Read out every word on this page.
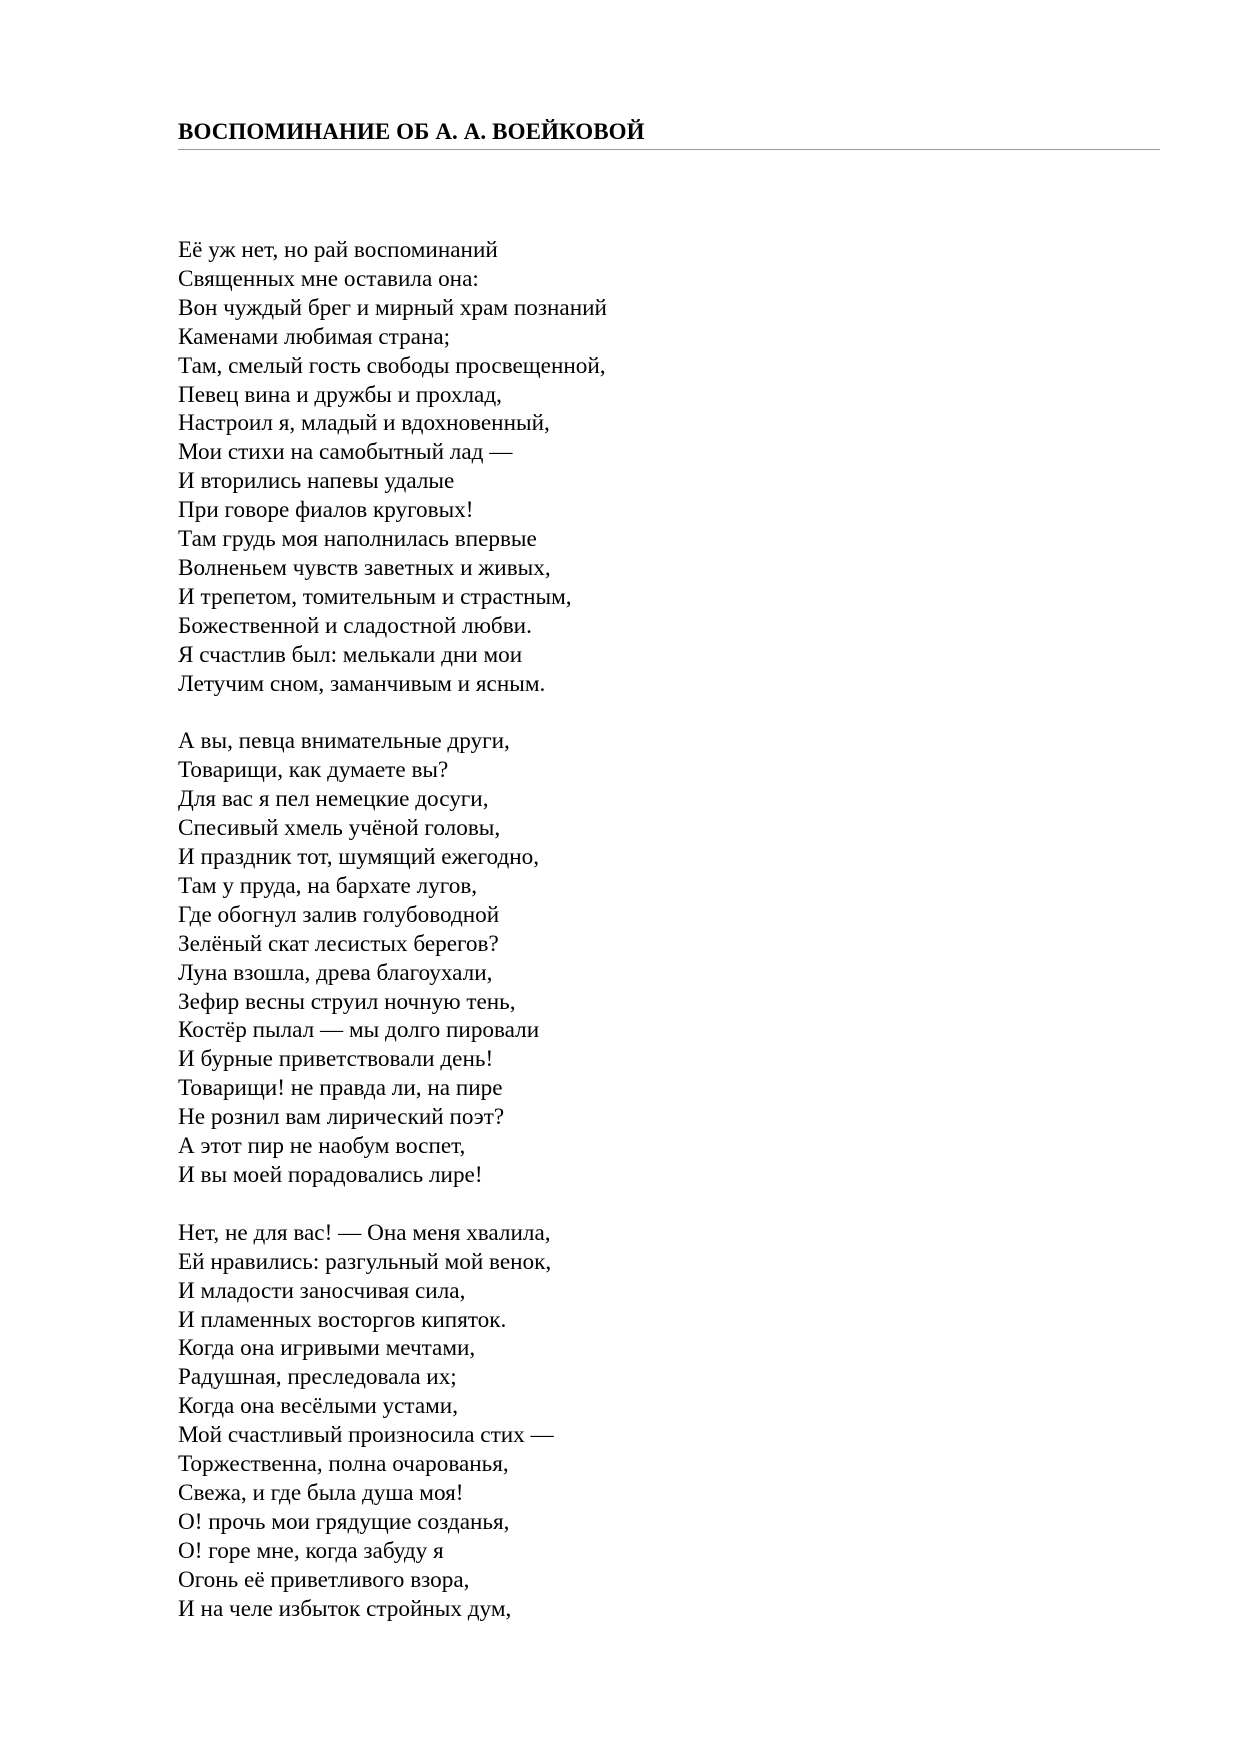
ВОСПОМИНАНИЕ ОБ А. А. ВОЕЙКОВОЙ

Её уж нет, но рай воспоминаний

Священных мне оставила она:

Вон чуждый брег и мирный храм познаний

Каменами любимая страна;

Там, смелый гость свободы просвещенной,

Певец вина и дружбы и прохлад,

Настроил я, младый и вдохновенный,

Мои стихи на самобытный лад —

И вторились напевы удалые

При говоре фиалов круговых!

Там грудь моя наполнилась впервые

Волненьем чувств заветных и живых,

И трепетом, томительным и страстным,

Божественной и сладостной любви.

Я счастлив был: мелькали дни мои

Летучим сном, заманчивым и ясным.

А вы, певца внимательные други,

Товарищи, как думаете вы?

Для вас я пел немецкие досуги,

Спесивый хмель учёной головы,

И праздник тот, шумящий ежегодно,

Там у пруда, на бархате лугов,

Где обогнул залив голубоводной

Зелёный скат лесистых берегов?

Луна взошла, древа благоухали,

Зефир весны струил ночную тень,

Костёр пылал — мы долго пировали

И бурные приветствовали день!

Товарищи! не правда ли, на пире

Не рознил вам лирический поэт?

А этот пир не наобум воспет,

И вы моей порадовались лире!

Нет, не для вас! — Она меня хвалила,

Ей нравились: разгульный мой венок,

И младости заносчивая сила,

И пламенных восторгов кипяток.

Когда она игривыми мечтами,

Радушная, преследовала их;

Когда она весёлыми устами,

Мой счастливый произносила стих —

Торжественна, полна очарованья,

Свежа, и где была душа моя!

О! прочь мои грядущие созданья,

О! горе мне, когда забуду я

Огонь её приветливого взора,

И на челе избыток стройных дум,
